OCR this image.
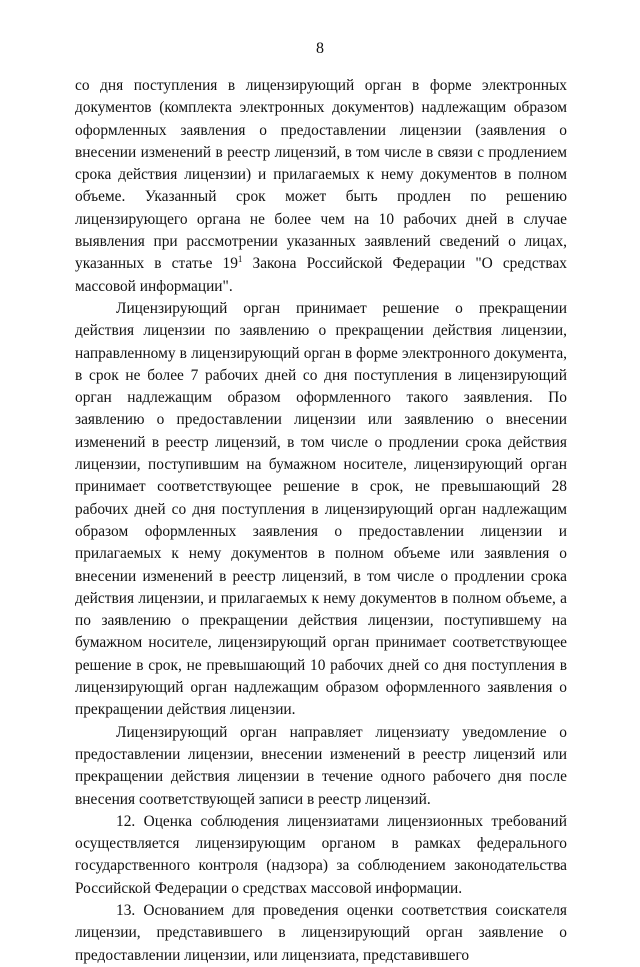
8

со дня поступления в лицензирующий орган в форме электронных документов (комплекта электронных документов) надлежащим образом оформленных заявления о предоставлении лицензии (заявления о внесении изменений в реестр лицензий, в том числе в связи с продлением срока действия лицензии) и прилагаемых к нему документов в полном объеме. Указанный срок может быть продлен по решению лицензирующего органа не более чем на 10 рабочих дней в случае выявления при рассмотрении указанных заявлений сведений о лицах, указанных в статье $19^1$ Закона Российской Федерации "О средствах массовой информации".

Лицензирующий орган принимает решение о прекращении действия лицензии по заявлению о прекращении действия лицензии, направленному в лицензирующий орган в форме электронного документа, в срок не более 7 рабочих дней со дня поступления в лицензирующий орган надлежащим образом оформленного такого заявления. По заявлению о предоставлении лицензии или заявлению о внесении изменений в реестр лицензий, в том числе о продлении срока действия лицензии, поступившим на бумажном носителе, лицензирующий орган принимает соответствующее решение в срок, не превышающий 28 рабочих дней со дня поступления в лицензирующий орган надлежащим образом оформленных заявления о предоставлении лицензии и прилагаемых к нему документов в полном объеме или заявления о внесении изменений в реестр лицензий, в том числе о продлении срока действия лицензии, и прилагаемых к нему документов в полном объеме, а по заявлению о прекращении действия лицензии, поступившему на бумажном носителе, лицензирующий орган принимает соответствующее решение в срок, не превышающий 10 рабочих дней со дня поступления в лицензирующий орган надлежащим образом оформленного заявления о прекращении действия лицензии.

Лицензирующий орган направляет лицензиату уведомление о предоставлении лицензии, внесении изменений в реестр лицензий или прекращении действия лицензии в течение одного рабочего дня после внесения соответствующей записи в реестр лицензий.

12. Оценка соблюдения лицензиатами лицензионных требований осуществляется лицензирующим органом в рамках федерального государственного контроля (надзора) за соблюдением законодательства Российской Федерации о средствах массовой информации.

13. Основанием для проведения оценки соответствия соискателя лицензии, представившего в лицензирующий орган заявление о предоставлении лицензии, или лицензиата, представившего
